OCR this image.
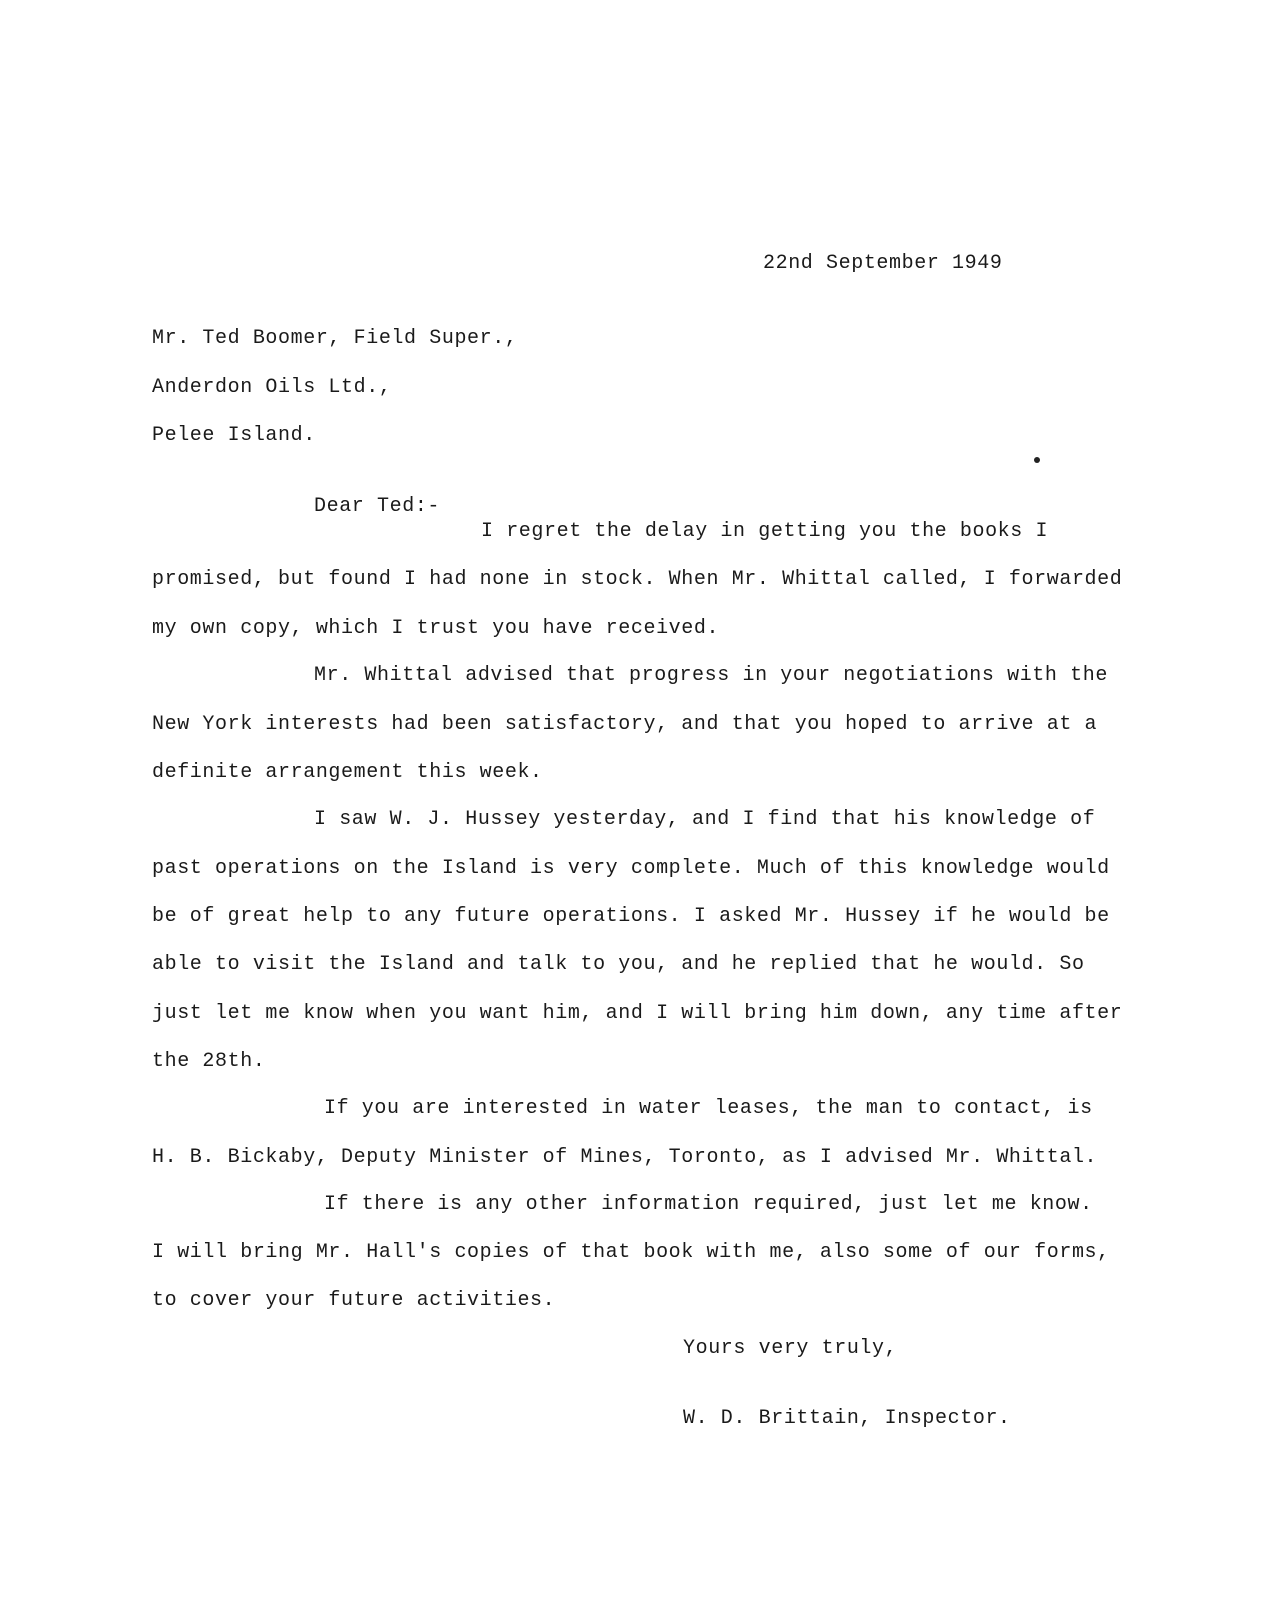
22nd September 1949
Mr. Ted Boomer, Field Super.,
Anderdon Oils Ltd.,
Pelee Island.
Dear Ted:-
I regret the delay in getting you the books I
promised, but found I had none in stock. When Mr. Whittal called, I forwarded
my own copy, which I trust you have received.
Mr. Whittal advised that progress in your negotiations with the
New York interests had been satisfactory, and that you hoped to arrive at a
definite arrangement this week.
I saw W. J. Hussey yesterday, and I find that his knowledge of
past operations on the Island is very complete. Much of this knowledge would
be of great help to any future operations. I asked Mr. Hussey if he would be
able to visit the Island and talk to you, and he replied that he would. So
just let me know when you want him, and I will bring him down, any time after
the 28th.
If you are interested in water leases, the man to contact, is
H. B. Bickaby, Deputy Minister of Mines, Toronto, as I advised Mr. Whittal.
If there is any other information required, just let me know.
I will bring Mr. Hall's copies of that book with me, also some of our forms,
to cover your future activities.
Yours very truly,
W. D. Brittain, Inspector.
